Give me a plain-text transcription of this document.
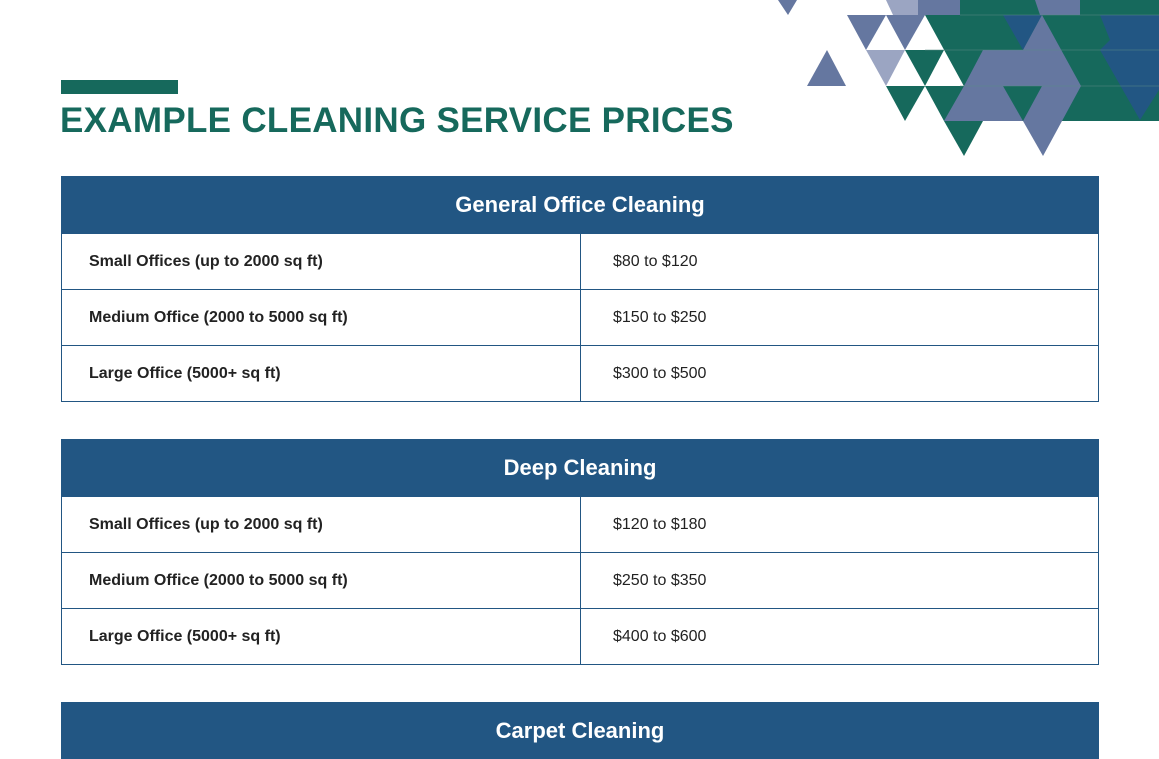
EXAMPLE CLEANING SERVICE PRICES
General Office Cleaning
Small Offices (up to 2000 sq ft)	$80 to $120
Medium Office (2000 to 5000 sq ft)	$150 to $250
Large Office (5000+ sq ft)	$300 to $500
Deep Cleaning
Small Offices (up to 2000 sq ft)	$120 to $180
Medium Office (2000 to 5000 sq ft)	$250 to $350
Large Office (5000+ sq ft)	$400 to $600
Carpet Cleaning
